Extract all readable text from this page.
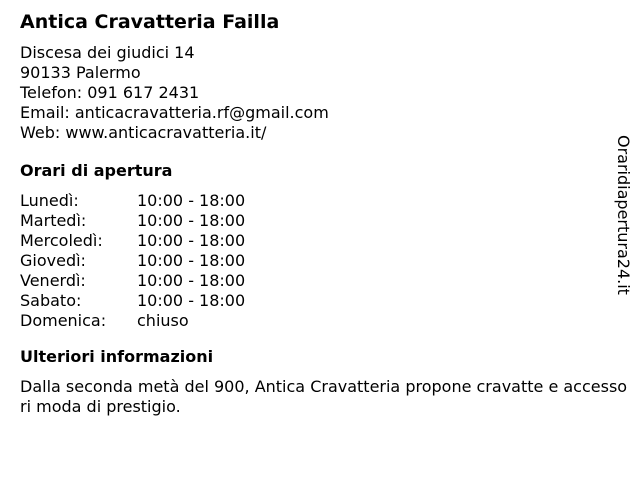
Antica Cravatteria Failla
Discesa dei giudici 14
90133 Palermo
Telefon: 091 617 2431
Email: anticacravatteria.rf@gmail.com
Web: www.anticacravatteria.it/
Orari di apertura
Lunedì:	10:00 - 18:00
Martedì:	10:00 - 18:00
Mercoledì:	10:00 - 18:00
Giovedì:	10:00 - 18:00
Venerdì:	10:00 - 18:00
Sabato:	10:00 - 18:00
Domenica:	chiuso
Ulteriori informazioni
Dalla seconda metà del 900, Antica Cravatteria propone cravatte e accessori moda di prestigio.
Oraridiapertura24.it
